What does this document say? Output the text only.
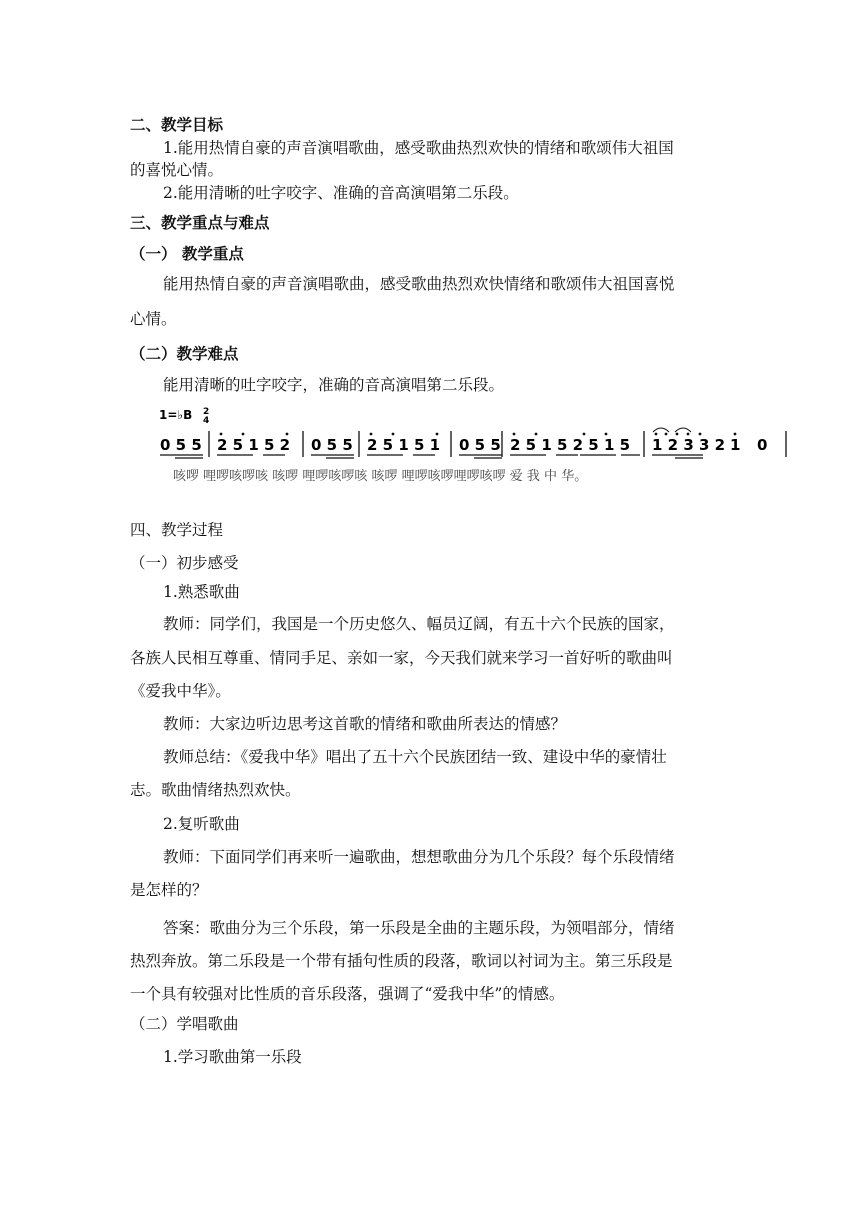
二、教学目标
1.能用热情自豪的声音演唱歌曲，感受歌曲热烈欢快的情绪和歌颂伟大祖国
的喜悦心情。
2.能用清晰的吐字咬字、准确的音高演唱第二乐段。
三、教学重点与难点
（一） 教学重点
能用热情自豪的声音演唱歌曲，感受歌曲热烈欢快情绪和歌颂伟大祖国喜悦
心情。
（二）教学难点
能用清晰的吐字咬字，准确的音高演唱第二乐段。
1=♭B 2
4
0 5 5 2 5 1 5 2 0 5 5 2 5 1 5 1 0 5 5 2 5 1 5 2 5 1 5 1 2 3 3 2 1 0
咳啰 哩啰咳啰咳 咳啰 哩啰咳啰咳 咳啰 哩啰咳啰哩啰咳啰 爱 我 中 华。
四、教学过程
（一）初步感受
1.熟悉歌曲
教师：同学们，我国是一个历史悠久、幅员辽阔，有五十六个民族的国家，
各族人民相互尊重、情同手足、亲如一家，今天我们就来学习一首好听的歌曲叫
《爱我中华》。
教师：大家边听边思考这首歌的情绪和歌曲所表达的情感？
教师总结：《爱我中华》唱出了五十六个民族团结一致、建设中华的豪情壮
志。歌曲情绪热烈欢快。
2.复听歌曲
教师：下面同学们再来听一遍歌曲，想想歌曲分为几个乐段？每个乐段情绪
是怎样的？
答案：歌曲分为三个乐段，第一乐段是全曲的主题乐段，为领唱部分，情绪
热烈奔放。第二乐段是一个带有插句性质的段落，歌词以衬词为主。第三乐段是
一个具有较强对比性质的音乐段落，强调了“爱我中华”的情感。
（二）学唱歌曲
1.学习歌曲第一乐段
